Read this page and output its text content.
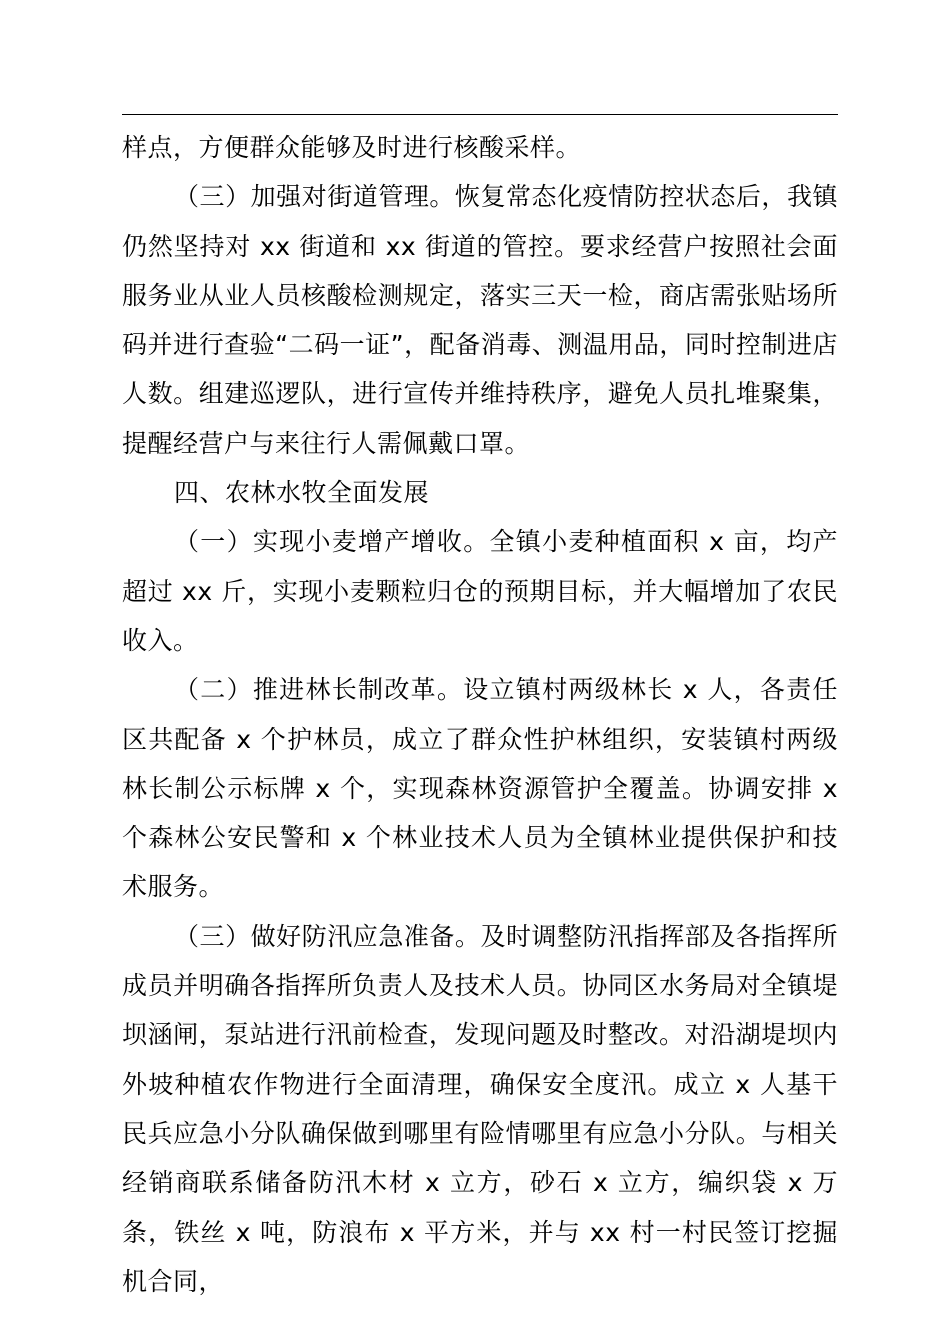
样点，方便群众能够及时进行核酸采样。

（三）加强对街道管理。恢复常态化疫情防控状态后，我镇仍然坚持对 xx 街道和 xx 街道的管控。要求经营户按照社会面服务业从业人员核酸检测规定，落实三天一检，商店需张贴场所码并进行查验“二码一证”，配备消毒、测温用品，同时控制进店人数。组建巡逻队，进行宣传并维持秩序，避免人员扎堆聚集，提醒经营户与来往行人需佩戴口罩。

四、农林水牧全面发展

（一）实现小麦增产增收。全镇小麦种植面积 x 亩，均产超过 xx 斤，实现小麦颗粒归仓的预期目标，并大幅增加了农民收入。

（二）推进林长制改革。设立镇村两级林长 x 人，各责任区共配备 x 个护林员，成立了群众性护林组织，安装镇村两级林长制公示标牌 x 个，实现森林资源管护全覆盖。协调安排 x 个森林公安民警和 x 个林业技术人员为全镇林业提供保护和技术服务。

（三）做好防汛应急准备。及时调整防汛指挥部及各指挥所成员并明确各指挥所负责人及技术人员。协同区水务局对全镇堤坝涵闸，泵站进行汛前检查，发现问题及时整改。对沿湖堤坝内外坡种植农作物进行全面清理，确保安全度汛。成立 x 人基干民兵应急小分队确保做到哪里有险情哪里有应急小分队。与相关经销商联系储备防汛木材 x 立方，砂石 x 立方，编织袋 x 万条，铁丝 x 吨，防浪布 x 平方米，并与 xx 村一村民签订挖掘机合同，
